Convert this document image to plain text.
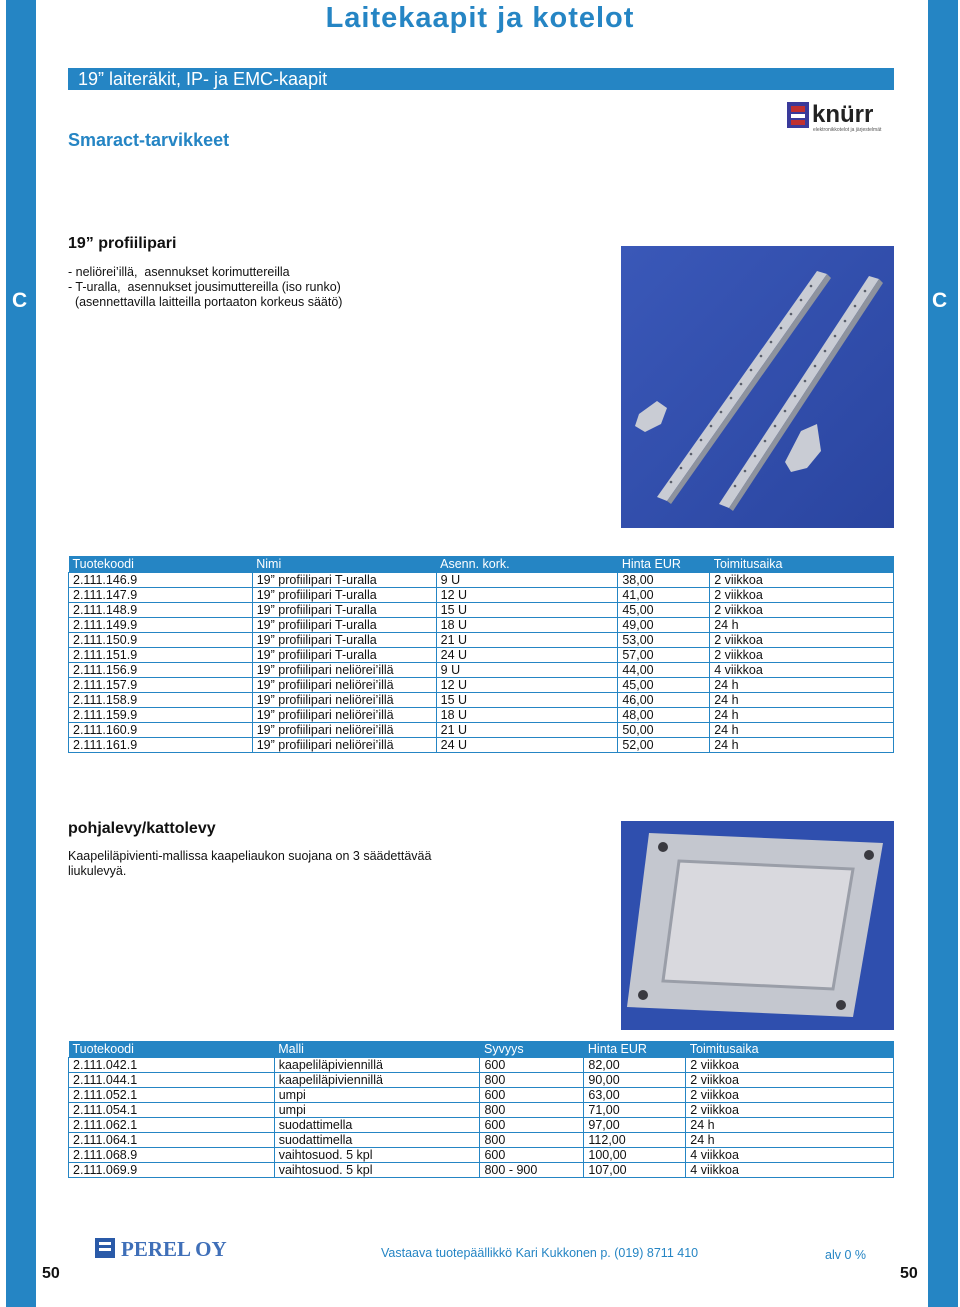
C	C
Laitekaapit ja kotelot
19” laiteräkit, IP- ja EMC-kaapit
Smaract-tarvikkeet
knürr
elektronikkotelot ja järjestelmät
19” profiilipari
- neliörei’illä,  asennukset korimuttereilla
- T-uralla,  asennukset jousimuttereilla (iso runko)
(asennettavilla laitteilla portaaton korkeus säätö)
Tuotekoodi	Nimi	Asenn. kork.	Hinta EUR	Toimitusaika
2.111.146.9	19” profiilipari T-uralla	9 U	38,00	2 viikkoa
2.111.147.9	19” profiilipari T-uralla	12 U	41,00	2 viikkoa
2.111.148.9	19” profiilipari T-uralla	15 U	45,00	2 viikkoa
2.111.149.9	19” profiilipari T-uralla	18 U	49,00	24 h
2.111.150.9	19” profiilipari T-uralla	21 U	53,00	2 viikkoa
2.111.151.9	19” profiilipari T-uralla	24 U	57,00	2 viikkoa
2.111.156.9	19” profiilipari neliörei’illä	9 U	44,00	4 viikkoa
2.111.157.9	19” profiilipari neliörei’illä	12 U	45,00	24 h
2.111.158.9	19” profiilipari neliörei’illä	15 U	46,00	24 h
2.111.159.9	19” profiilipari neliörei’illä	18 U	48,00	24 h
2.111.160.9	19” profiilipari neliörei’illä	21 U	50,00	24 h
2.111.161.9	19” profiilipari neliörei’illä	24 U	52,00	24 h
pohjalevy/kattolevy
Kaapeliläpivienti-mallissa kaapeliaukon suojana on 3 säädettävää
liukulevyä.
Tuotekoodi	Malli	Syvyys	Hinta EUR	Toimitusaika
2.111.042.1	kaapeliläpiviennillä	600	82,00	2 viikkoa
2.111.044.1	kaapeliläpiviennillä	800	90,00	2 viikkoa
2.111.052.1	umpi	600	63,00	2 viikkoa
2.111.054.1	umpi	800	71,00	2 viikkoa
2.111.062.1	suodattimella	600	97,00	24 h
2.111.064.1	suodattimella	800	112,00	24 h
2.111.068.9	vaihtosuod. 5 kpl	600	100,00	4 viikkoa
2.111.069.9	vaihtosuod. 5 kpl	800 - 900	107,00	4 viikkoa
PEREL OY	Vastaava tuotepäällikkö Kari Kukkonen p. (019) 8711 410	alv 0 %
50	50
